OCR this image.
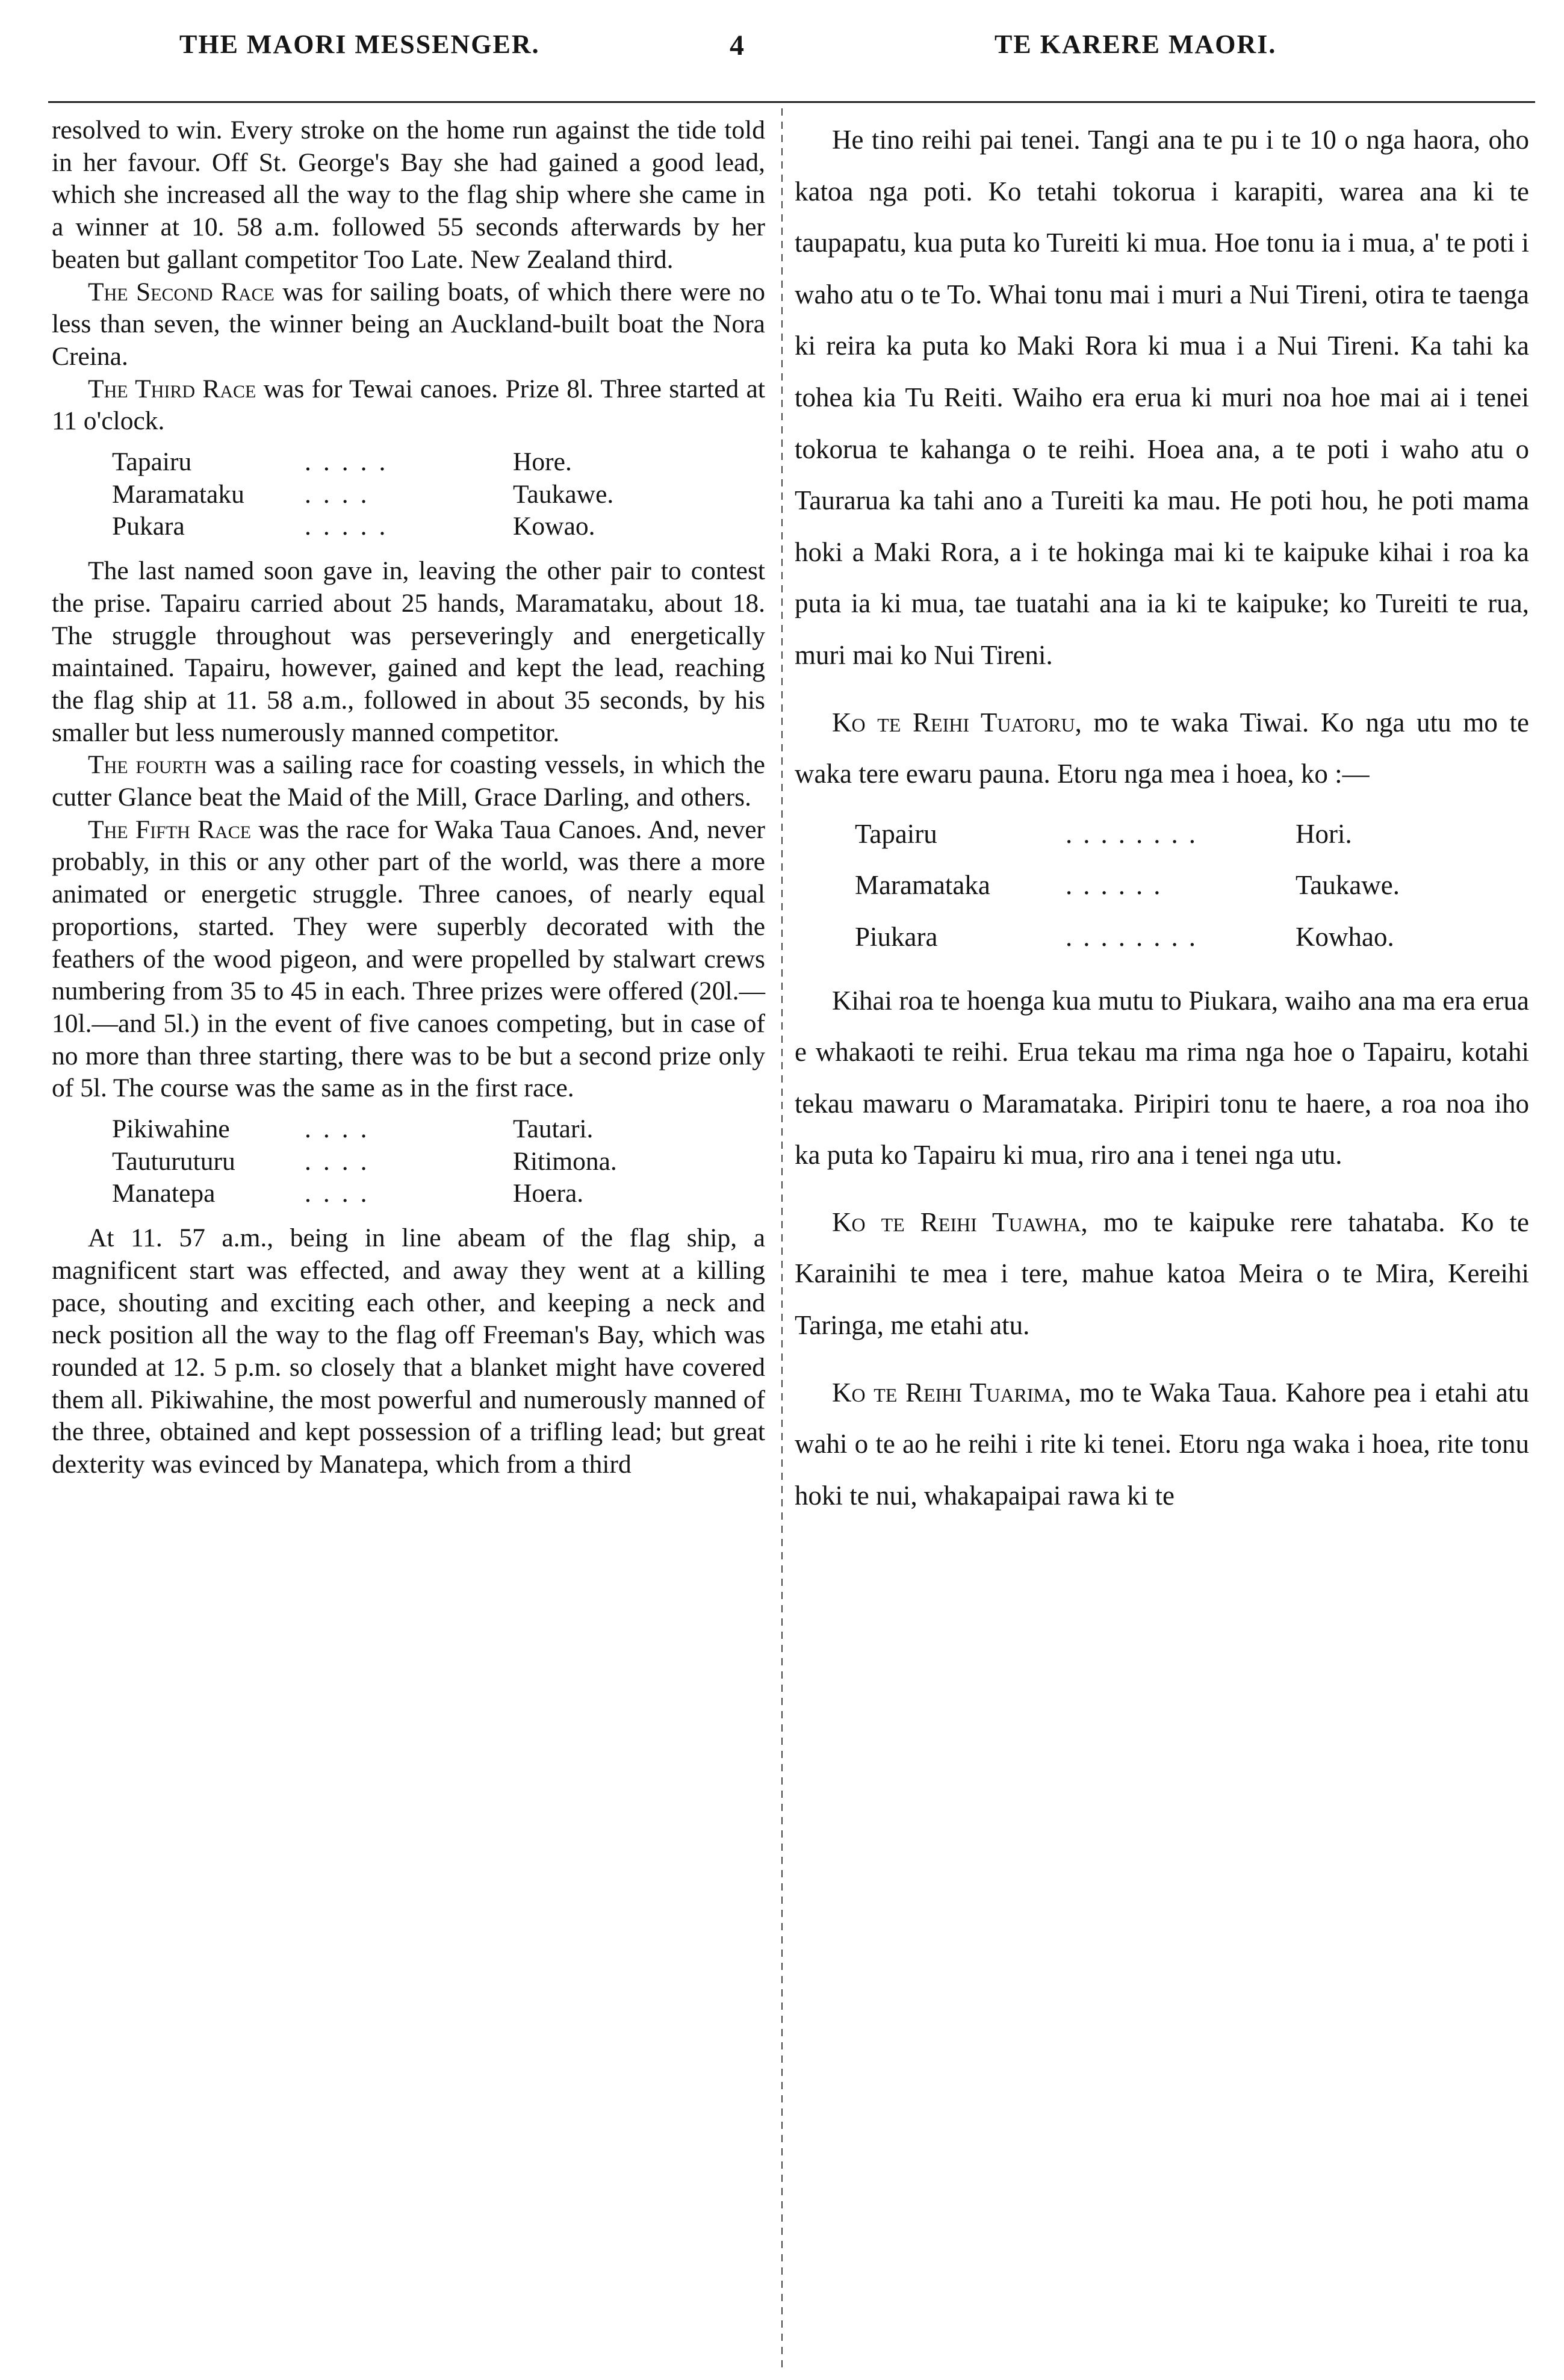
THE MAORI MESSENGER.	4	TE KARERE MAORI.

resolved to win. Every stroke on the home run against the tide told in her favour. Off St. George's Bay she had gained a good lead, which she increased all the way to the flag ship where she came in a winner at 10. 58 a.m. followed 55 seconds afterwards by her beaten but gallant competitor Too Late. New Zealand third.

The Second Race was for sailing boats, of which there were no less than seven, the winner being an Auckland-built boat the Nora Creina.

The Third Race was for Tewai canoes. Prize 8l. Three started at 11 o'clock.

Tapairu	.....	Hore.
Maramataku ....	Taukawe.
Pukara	.....	Kowao.

The last named soon gave in, leaving the other pair to contest the prise. Tapairu carried about 25 hands, Maramataku, about 18. The struggle throughout was perseveringly and energetically maintained. Tapairu, however, gained and kept the lead, reaching the flag ship at 11. 58 a.m., followed in about 35 seconds, by his smaller but less numerously manned competitor.

The fourth was a sailing race for coasting vessels, in which the cutter Glance beat the Maid of the Mill, Grace Darling, and others.

The Fifth Race was the race for Waka Taua Canoes. And, never probably, in this or any other part of the world, was there a more animated or energetic struggle. Three canoes, of nearly equal proportions, started. They were superbly decorated with the feathers of the wood pigeon, and were propelled by stalwart crews numbering from 35 to 45 in each. Three prizes were offered (20l.—10l.—and 5l.) in the event of five canoes competing, but in case of no more than three starting, there was to be but a second prize only of 5l. The course was the same as in the first race.

Pikiwahine	....	Tautari.
Tauturuturu	....	Ritimona.
Manatepa	....	Hoera.

At 11. 57 a.m., being in line abeam of the flag ship, a magnificent start was effected, and away they went at a killing pace, shouting and exciting each other, and keeping a neck and neck position all the way to the flag off Freeman's Bay, which was rounded at 12. 5 p.m. so closely that a blanket might have covered them all. Pikiwahine, the most powerful and numerously manned of the three, obtained and kept possession of a trifling lead; but great dexterity was evinced by Manatepa, which from a third

He tino reihi pai tenei. Tangi ana te pu i te 10 o nga haora, oho katoa nga poti. Ko tetahi tokorua i karapiti, warea ana ki te taupapatu, kua puta ko Tureiti ki mua. Hoe tonu ia i mua, a' te poti i waho atu o te To. Whai tonu mai i muri a Nui Tireni, otira te taenga ki reira ka puta ko Maki Rora ki mua i a Nui Tireni. Ka tahi ka tohea kia Tu Reiti. Waiho era erua ki muri noa hoe mai ai i tenei tokorua te kahanga o te reihi. Hoea ana, a te poti i waho atu o Taurarua ka tahi ano a Tureiti ka mau. He poti hou, he poti mama hoki a Maki Rora, a i te hokinga mai ki te kaipuke kihai i roa ka puta ia ki mua, tae tuatahi ana ia ki te kaipuke; ko Tureiti te rua, muri mai ko Nui Tireni.

Ko te Reihi Tuatoru, mo te waka Tiwai. Ko nga utu mo te waka tere ewaru pauna. Etoru nga mea i hoea, ko :—

Tapairu	........	Hori.
Maramataka	......	Taukawe.
Piukara	........	Kowhao.

Kihai roa te hoenga kua mutu to Piukara, waiho ana ma era erua e whakaoti te reihi. Erua tekau ma rima nga hoe o Tapairu, kotahi tekau mawaru o Maramataka. Piripiri tonu te haere, a roa noa iho ka puta ko Tapairu ki mua, riro ana i tenei nga utu.

Ko te Reihi Tuawha, mo te kaipuke rere tahataba. Ko te Karainihi te mea i tere, mahue katoa Meira o te Mira, Kereihi Taringa, me etahi atu.

Ko te Reihi Tuarima, mo te Waka Taua. Kahore pea i etahi atu wahi o te ao he reihi i rite ki tenei. Etoru nga waka i hoea, rite tonu hoki te nui, whakapaipai rawa ki te
